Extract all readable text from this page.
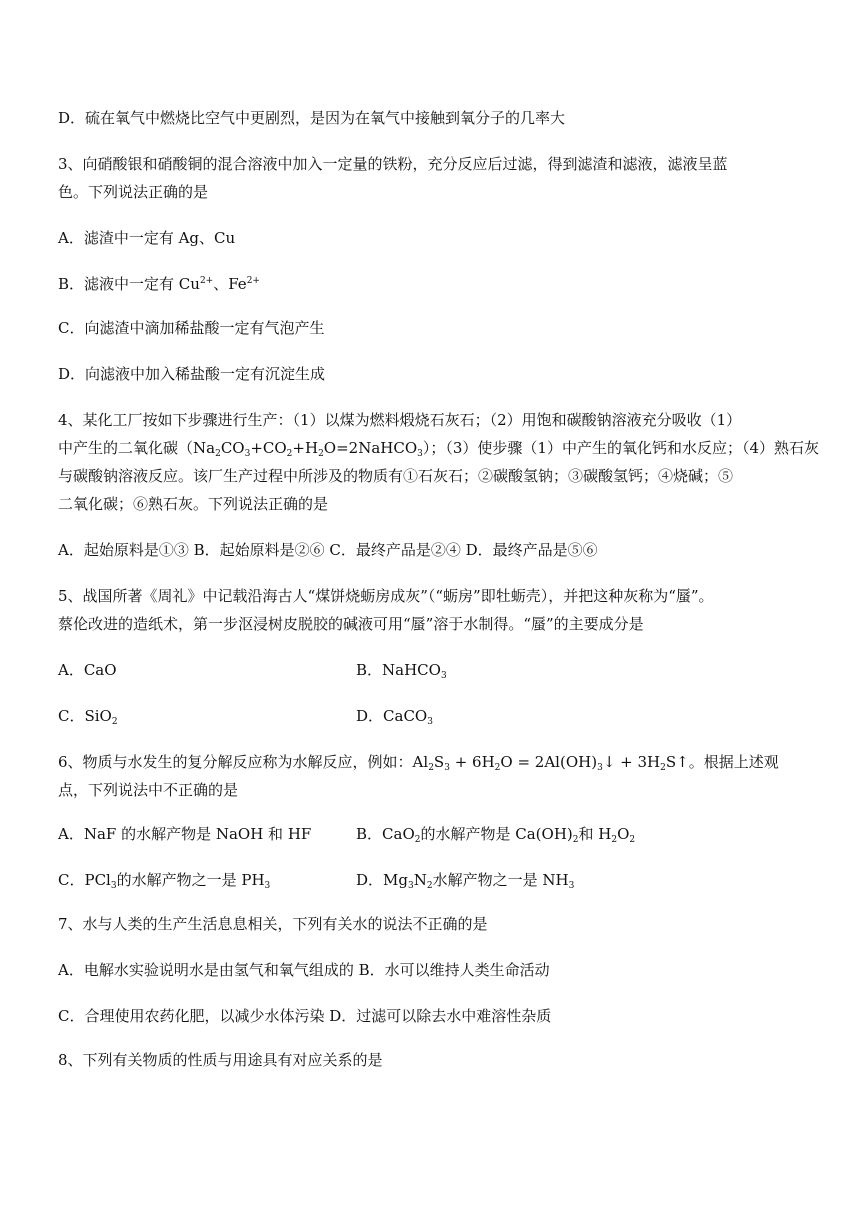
D．硫在氧气中燃烧比空气中更剧烈，是因为在氧气中接触到氧分子的几率大
3、向硝酸银和硝酸铜的混合溶液中加入一定量的铁粉，充分反应后过滤，得到滤渣和滤液，滤液呈蓝
色。下列说法正确的是
A．滤渣中一定有 Ag、Cu
B．滤液中一定有 $Cu^{2+}$、$Fe^{2+}$
C．向滤渣中滴加稀盐酸一定有气泡产生
D．向滤液中加入稀盐酸一定有沉淀生成
4、某化工厂按如下步骤进行生产：（1）以煤为燃料煅烧石灰石；（2）用饱和碳酸钠溶液充分吸收（1）
中产生的二氧化碳$(Na_2CO_3+CO_2+H_2O=2NaHCO_3)$；（3）使步骤（1）中产生的氧化钙和水反应；（4）熟石灰
与碳酸钠溶液反应。该厂生产过程中所涉及的物质有①石灰石；②碳酸氢钠；③碳酸氢钙；④烧碱；⑤
二氧化碳；⑥熟石灰。下列说法正确的是
A．起始原料是①③ B．起始原料是②⑥ C．最终产品是②④ D．最终产品是⑤⑥
5、战国所著《周礼》中记载沿海古人“煤饼烧蛎房成灰”（“蛎房”即牡蛎壳），并把这种灰称为“蜃”。
蔡伦改进的造纸术，第一步沤浸树皮脱胶的碱液可用“蜃”溶于水制得。“蜃”的主要成分是
A．CaO	B．NaHCO$_3$
C．SiO$_2$	D．CaCO$_3$
6、物质与水发生的复分解反应称为水解反应，例如：$Al_2S_3 + 6H_2O$ = $2Al(OH)_3↓$ + $3H_2S↑$。根据上述观
点，下列说法中不正确的是
A．NaF 的水解产物是 NaOH 和 HF	B．CaO$_2$的水解产物是 $Ca(OH)_2$和 $H_2O_2$
C．PCl$_3$的水解产物之一是 $PH_3$	D．$Mg_3N_2$水解产物之一是 $NH_3$
7、水与人类的生产生活息息相关，下列有关水的说法不正确的是
A．电解水实验说明水是由氢气和氧气组成的 B．水可以维持人类生命活动
C．合理使用农药化肥，以减少水体污染 D．过滤可以除去水中难溶性杂质
8、下列有关物质的性质与用途具有对应关系的是
